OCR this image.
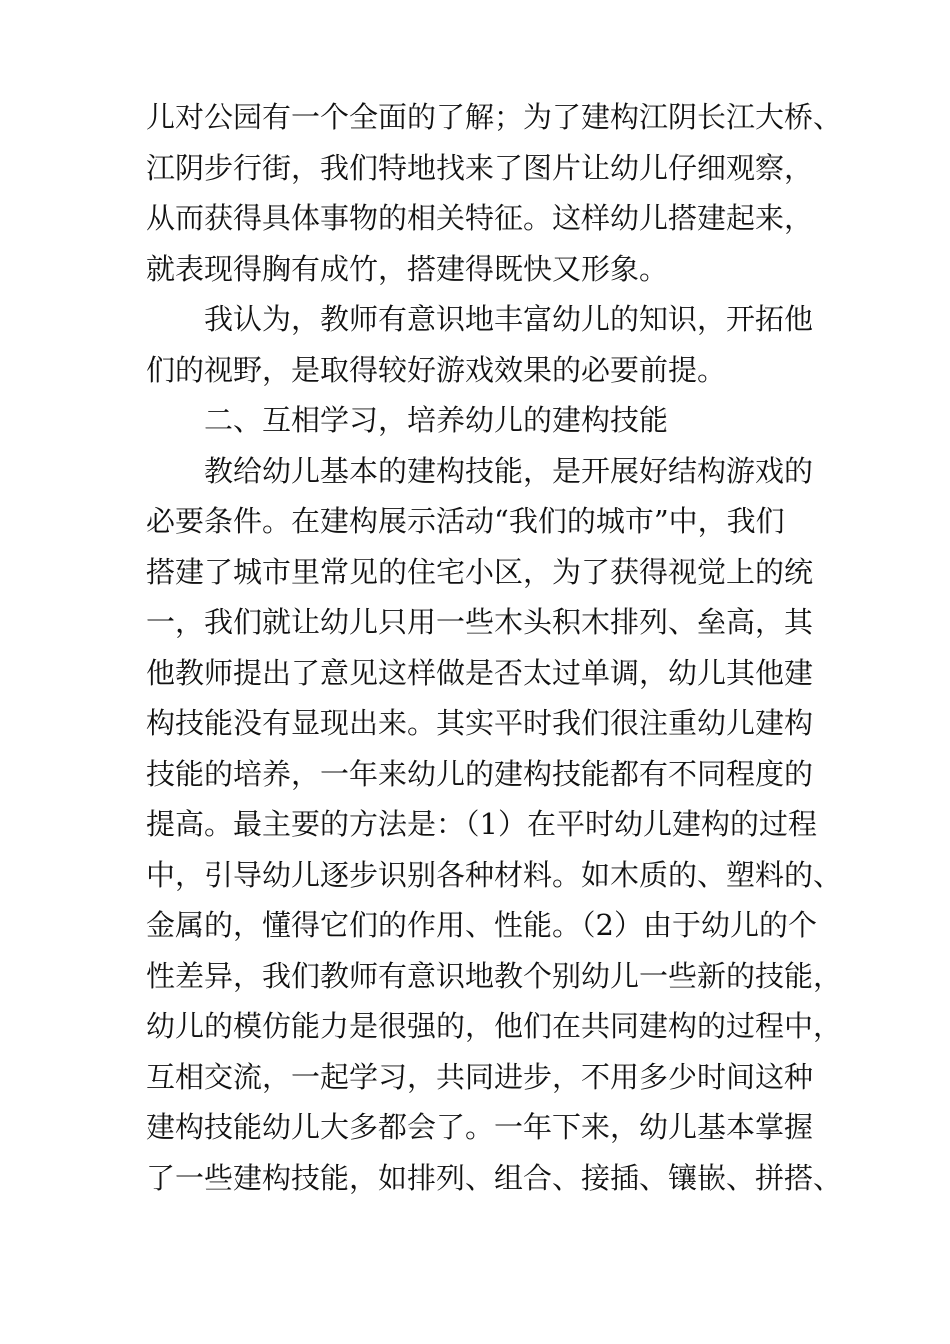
儿对公园有一个全面的了解；为了建构江阴长江大桥、
江阴步行街，我们特地找来了图片让幼儿仔细观察，
从而获得具体事物的相关特征。这样幼儿搭建起来，
就表现得胸有成竹，搭建得既快又形象。
我认为，教师有意识地丰富幼儿的知识，开拓他
们的视野，是取得较好游戏效果的必要前提。
二、互相学习，培养幼儿的建构技能
教给幼儿基本的建构技能，是开展好结构游戏的
必要条件。在建构展示活动“我们的城市”中，我们
搭建了城市里常见的住宅小区，为了获得视觉上的统
一，我们就让幼儿只用一些木头积木排列、垒高，其
他教师提出了意见这样做是否太过单调，幼儿其他建
构技能没有显现出来。其实平时我们很注重幼儿建构
技能的培养，一年来幼儿的建构技能都有不同程度的
提高。最主要的方法是：（1）在平时幼儿建构的过程
中，引导幼儿逐步识别各种材料。如木质的、塑料的、
金属的，懂得它们的作用、性能。（2）由于幼儿的个
性差异，我们教师有意识地教个别幼儿一些新的技能，
幼儿的模仿能力是很强的，他们在共同建构的过程中，
互相交流，一起学习，共同进步，不用多少时间这种
建构技能幼儿大多都会了。一年下来，幼儿基本掌握
了一些建构技能，如排列、组合、接插、镶嵌、拼搭、
